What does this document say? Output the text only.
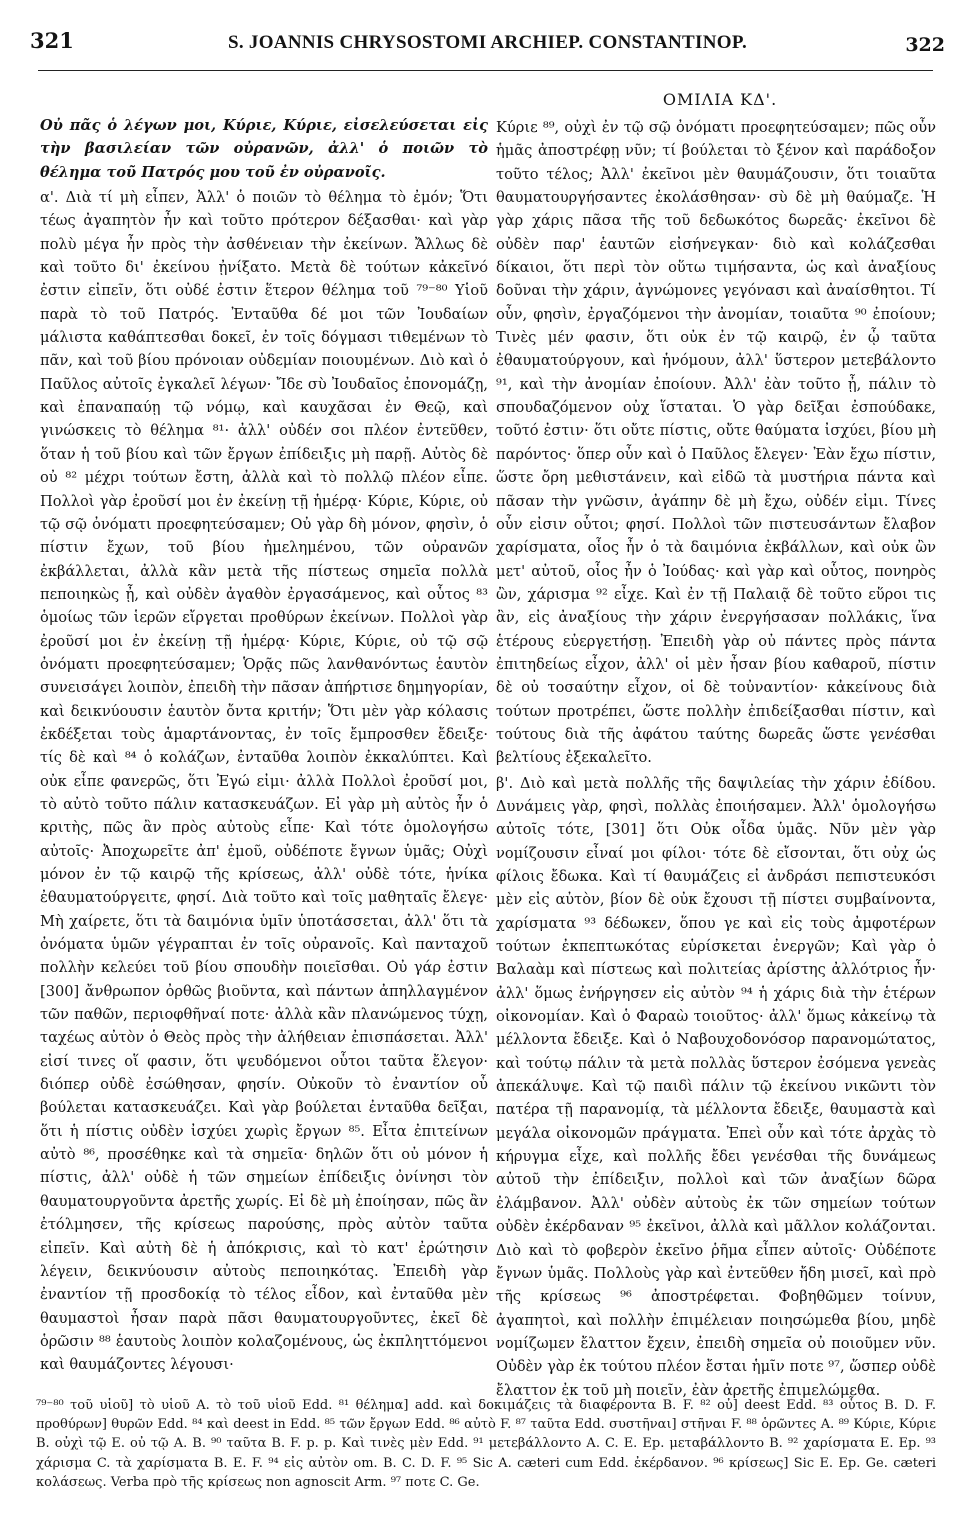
321	S. JOANNIS CHRYSOSTOMI ARCHIEP. CONSTANTINOP.	322
ΟΜΙΛΙΑ ΚΔ'.

Οὐ πᾶς ὁ λέγων μοι, Κύριε, Κύριε, εἰσελεύσεται εἰς τὴν βασιλείαν τῶν οὐρανῶν, ἀλλ' ὁ ποιῶν τὸ θέλημα τοῦ Πατρός μου τοῦ ἐν οὐρανοῖς.

α'. Διὰ τί μὴ εἶπεν, Ἀλλ' ὁ ποιῶν τὸ θέλημα τὸ ἐμόν; Ὅτι τέως ἀγαπητὸν ἦν καὶ τοῦτο πρότερον δέξασθαι· καὶ γὰρ πολὺ μέγα ἦν πρὸς τὴν ἀσθένειαν τὴν ἐκείνων. Ἄλλως δὲ καὶ τοῦτο δι' ἐκείνου ᾐνίξατο. Μετὰ δὲ τούτων κἀκεῖνό ἐστιν εἰπεῖν, ὅτι οὐδέ ἐστιν ἕτερον θέλημα τοῦ ⁷⁹⁻⁸⁰ Υἱοῦ παρὰ τὸ τοῦ Πατρός. Ἐνταῦθα δέ μοι τῶν Ἰουδαίων μάλιστα καθάπτεσθαι δοκεῖ, ἐν τοῖς δόγμασι τιθεμένων τὸ πᾶν, καὶ τοῦ βίου πρόνοιαν οὐδεμίαν ποιουμένων. Διὸ καὶ ὁ Παῦλος αὐτοῖς ἐγκαλεῖ λέγων· Ἴδε σὺ Ἰουδαῖος ἐπονομάζῃ, καὶ ἐπαναπαύῃ τῷ νόμῳ, καὶ καυχᾶσαι ἐν Θεῷ, καὶ γινώσκεις τὸ θέλημα ⁸¹· ἀλλ' οὐδέν σοι πλέον ἐντεῦθεν, ὅταν ἡ τοῦ βίου καὶ τῶν ἔργων ἐπίδειξις μὴ παρῇ. Αὐτὸς δὲ οὐ ⁸² μέχρι τούτων ἔστη, ἀλλὰ καὶ τὸ πολλῷ πλέον εἶπε. Πολλοὶ γὰρ ἐροῦσί μοι ἐν ἐκείνῃ τῇ ἡμέρᾳ· Κύριε, Κύριε, οὐ τῷ σῷ ὀνόματι προεφητεύσαμεν; Οὐ γὰρ δὴ μόνον, φησὶν, ὁ πίστιν ἔχων, τοῦ βίου ἠμελημένου, τῶν οὐρανῶν ἐκβάλλεται, ἀλλὰ κἂν μετὰ τῆς πίστεως σημεῖα πολλὰ πεποιηκὼς ᾖ, καὶ οὐδὲν ἀγαθὸν ἐργασάμενος, καὶ οὗτος ⁸³ ὁμοίως τῶν ἱερῶν εἴργεται προθύρων ἐκείνων. Πολλοὶ γὰρ ἐροῦσί μοι ἐν ἐκείνῃ τῇ ἡμέρᾳ· Κύριε, Κύριε, οὐ τῷ σῷ ὀνόματι προεφητεύσαμεν; Ὁρᾷς πῶς λανθανόντως ἑαυτὸν συνεισάγει λοιπὸν, ἐπειδὴ τὴν πᾶσαν ἀπήρτισε δημηγορίαν, καὶ δεικνύουσιν ἑαυτὸν ὄντα κριτήν; Ὅτι μὲν γὰρ κόλασις ἐκδέξεται τοὺς ἁμαρτάνοντας, ἐν τοῖς ἔμπροσθεν ἔδειξε· τίς δὲ καὶ ⁸⁴ ὁ κολάζων, ἐνταῦθα λοιπὸν ἐκκαλύπτει. Καὶ οὐκ εἶπε φανερῶς, ὅτι Ἐγώ εἰμι· ἀλλὰ Πολλοὶ ἐροῦσί μοι, τὸ αὐτὸ τοῦτο πάλιν κατασκευάζων. Εἰ γὰρ μὴ αὐτὸς ἦν ὁ κριτὴς, πῶς ἂν πρὸς αὐτοὺς εἶπε· Καὶ τότε ὁμολογήσω αὐτοῖς· Ἀποχωρεῖτε ἀπ' ἐμοῦ, οὐδέποτε ἔγνων ὑμᾶς; Οὐχὶ μόνον ἐν τῷ καιρῷ τῆς κρίσεως, ἀλλ' οὐδὲ τότε, ἡνίκα ἐθαυματούργειτε, φησί. Διὰ τοῦτο καὶ τοῖς μαθηταῖς ἔλεγε· Μὴ χαίρετε, ὅτι τὰ δαιμόνια ὑμῖν ὑποτάσσεται, ἀλλ' ὅτι τὰ ὀνόματα ὑμῶν γέγραπται ἐν τοῖς οὐρανοῖς. Καὶ πανταχοῦ πολλὴν κελεύει τοῦ βίου σπουδὴν ποιεῖσθαι. Οὐ γάρ ἐστιν [300] ἄνθρωπον ὀρθῶς βιοῦντα, καὶ πάντων ἀπηλλαγμένον τῶν παθῶν, περιοφθῆναί ποτε· ἀλλὰ κἂν πλανώμενος τύχῃ, ταχέως αὐτὸν ὁ Θεὸς πρὸς τὴν ἀλήθειαν ἐπισπάσεται. Ἀλλ' εἰσί τινες οἵ φασιν, ὅτι ψευδόμενοι οὗτοι ταῦτα ἔλεγον· διόπερ οὐδὲ ἐσώθησαν, φησίν. Οὐκοῦν τὸ ἐναντίον οὗ βούλεται κατασκευάζει. Καὶ γὰρ βούλεται ἐνταῦθα δεῖξαι, ὅτι ἡ πίστις οὐδὲν ἰσχύει χωρὶς ἔργων ⁸⁵. Εἶτα ἐπιτείνων αὐτὸ ⁸⁶, προσέθηκε καὶ τὰ σημεῖα· δηλῶν ὅτι οὐ μόνον ἡ πίστις, ἀλλ' οὐδὲ ἡ τῶν σημείων ἐπίδειξις ὀνίνησι τὸν θαυματουργοῦντα ἀρετῆς χωρίς. Εἰ δὲ μὴ ἐποίησαν, πῶς ἂν ἐτόλμησεν, τῆς κρίσεως παρούσης, πρὸς αὐτὸν ταῦτα εἰπεῖν. Καὶ αὐτὴ δὲ ἡ ἀπόκρισις, καὶ τὸ κατ' ἐρώτησιν λέγειν, δεικνύουσιν αὐτοὺς πεποιηκότας. Ἐπειδὴ γὰρ ἐναντίον τῇ προσδοκίᾳ τὸ τέλος εἶδον, καὶ ἐνταῦθα μὲν θαυμαστοὶ ἦσαν παρὰ πᾶσι θαυματουργοῦντες, ἐκεῖ δὲ ὁρῶσιν ⁸⁸ ἑαυτοὺς λοιπὸν κολαζομένους, ὡς ἐκπληττόμενοι καὶ θαυμάζοντες λέγουσι·

Κύριε ⁸⁹, οὐχὶ ἐν τῷ σῷ ὀνόματι προεφητεύσαμεν; πῶς οὖν ἡμᾶς ἀποστρέφῃ νῦν; τί βούλεται τὸ ξένον καὶ παράδοξον τοῦτο τέλος; Ἀλλ' ἐκεῖνοι μὲν θαυμάζουσιν, ὅτι τοιαῦτα θαυματουργήσαντες ἐκολάσθησαν· σὺ δὲ μὴ θαύμαζε. Ἡ γὰρ χάρις πᾶσα τῆς τοῦ δεδωκότος δωρεᾶς· ἐκεῖνοι δὲ οὐδὲν παρ' ἑαυτῶν εἰσήνεγκαν· διὸ καὶ κολάζεσθαι δίκαιοι, ὅτι περὶ τὸν οὕτω τιμήσαντα, ὡς καὶ ἀναξίους δοῦναι τὴν χάριν, ἀγνώμονες γεγόνασι καὶ ἀναίσθητοι. Τί οὖν, φησὶν, ἐργαζόμενοι τὴν ἀνομίαν, τοιαῦτα ⁹⁰ ἐποίουν; Τινὲς μέν φασιν, ὅτι οὐκ ἐν τῷ καιρῷ, ἐν ᾧ ταῦτα ἐθαυματούργουν, καὶ ἡνόμουν, ἀλλ' ὕστερον μετεβάλοντο ⁹¹, καὶ τὴν ἀνομίαν ἐποίουν. Ἀλλ' ἐὰν τοῦτο ᾖ, πάλιν τὸ σπουδαζόμενον οὐχ ἵσταται. Ὁ γὰρ δεῖξαι ἐσπούδακε, τοῦτό ἐστιν· ὅτι οὔτε πίστις, οὔτε θαύματα ἰσχύει, βίου μὴ παρόντος· ὅπερ οὖν καὶ ὁ Παῦλος ἔλεγεν· Ἐὰν ἔχω πίστιν, ὥστε ὄρη μεθιστάνειν, καὶ εἰδῶ τὰ μυστήρια πάντα καὶ πᾶσαν τὴν γνῶσιν, ἀγάπην δὲ μὴ ἔχω, οὐδέν εἰμι. Τίνες οὖν εἰσιν οὗτοι; φησί. Πολλοὶ τῶν πιστευσάντων ἔλαβον χαρίσματα, οἷος ἦν ὁ τὰ δαιμόνια ἐκβάλλων, καὶ οὐκ ὢν μετ' αὐτοῦ, οἷος ἦν ὁ Ἰούδας· καὶ γὰρ καὶ οὗτος, πονηρὸς ὢν, χάρισμα ⁹² εἶχε. Καὶ ἐν τῇ Παλαιᾷ δὲ τοῦτο εὕροι τις ἂν, εἰς ἀναξίους τὴν χάριν ἐνεργήσασαν πολλάκις, ἵνα ἑτέρους εὐεργετήσῃ. Ἐπειδὴ γὰρ οὐ πάντες πρὸς πάντα ἐπιτηδείως εἶχον, ἀλλ' οἱ μὲν ἦσαν βίου καθαροῦ, πίστιν δὲ οὐ τοσαύτην εἶχον, οἱ δὲ τοὐναντίον· κἀκείνους διὰ τούτων προτρέπει, ὥστε πολλὴν ἐπιδείξασθαι πίστιν, καὶ τούτους διὰ τῆς ἀφάτου ταύτης δωρεᾶς ὥστε γενέσθαι βελτίους ἐξεκαλεῖτο.

β'. Διὸ καὶ μετὰ πολλῆς τῆς δαψιλείας τὴν χάριν ἐδίδου. Δυνάμεις γὰρ, φησὶ, πολλὰς ἐποιήσαμεν. Ἀλλ' ὁμολογήσω αὐτοῖς τότε, [301] ὅτι Οὐκ οἶδα ὑμᾶς. Νῦν μὲν γὰρ νομίζουσιν εἶναί μοι φίλοι· τότε δὲ εἴσονται, ὅτι οὐχ ὡς φίλοις ἔδωκα. Καὶ τί θαυμάζεις εἰ ἀνδράσι πεπιστευκόσι μὲν εἰς αὐτὸν, βίον δὲ οὐκ ἔχουσι τῇ πίστει συμβαίνοντα, χαρίσματα ⁹³ δέδωκεν, ὅπου γε καὶ εἰς τοὺς ἀμφοτέρων τούτων ἐκπεπτωκότας εὑρίσκεται ἐνεργῶν; Καὶ γὰρ ὁ Βαλαὰμ καὶ πίστεως καὶ πολιτείας ἀρίστης ἀλλότριος ἦν· ἀλλ' ὅμως ἐνήργησεν εἰς αὐτὸν ⁹⁴ ἡ χάρις διὰ τὴν ἑτέρων οἰκονομίαν. Καὶ ὁ Φαραὼ τοιοῦτος· ἀλλ' ὅμως κἀκείνῳ τὰ μέλλοντα ἔδειξε. Καὶ ὁ Ναβουχοδονόσορ παρανομώτατος, καὶ τούτῳ πάλιν τὰ μετὰ πολλὰς ὕστερον ἐσόμενα γενεὰς ἀπεκάλυψε. Καὶ τῷ παιδὶ πάλιν τῷ ἐκείνου νικῶντι τὸν πατέρα τῇ παρανομίᾳ, τὰ μέλλοντα ἔδειξε, θαυμαστὰ καὶ μεγάλα οἰκονομῶν πράγματα. Ἐπεὶ οὖν καὶ τότε ἀρχὰς τὸ κήρυγμα εἶχε, καὶ πολλῆς ἔδει γενέσθαι τῆς δυνάμεως αὐτοῦ τὴν ἐπίδειξιν, πολλοὶ καὶ τῶν ἀναξίων δῶρα ἐλάμβανον. Ἀλλ' οὐδὲν αὐτοὺς ἐκ τῶν σημείων τούτων οὐδὲν ἐκέρδαναν ⁹⁵ ἐκεῖνοι, ἀλλὰ καὶ μᾶλλον κολάζονται. Διὸ καὶ τὸ φοβερὸν ἐκεῖνο ῥῆμα εἶπεν αὐτοῖς· Οὐδέποτε ἔγνων ὑμᾶς. Πολλοὺς γὰρ καὶ ἐντεῦθεν ἤδη μισεῖ, καὶ πρὸ τῆς κρίσεως ⁹⁶ ἀποστρέφεται. Φοβηθῶμεν τοίνυν, ἀγαπητοὶ, καὶ πολλὴν ἐπιμέλειαν ποιησώμεθα βίου, μηδὲ νομίζωμεν ἔλαττον ἔχειν, ἐπειδὴ σημεῖα οὐ ποιοῦμεν νῦν. Οὐδὲν γὰρ ἐκ τούτου πλέον ἔσται ἡμῖν ποτε ⁹⁷, ὥσπερ οὐδὲ ἔλαττον ἐκ τοῦ μὴ ποιεῖν, ἐὰν ἀρετῆς ἐπιμελώμεθα.

⁷⁹⁻⁸⁰ τοῦ υἱοῦ] τὸ υἱοῦ A. τὸ τοῦ υἱοῦ Edd. ⁸¹ θέλημα] add. καὶ δοκιμάζεις τὰ διαφέροντα B. F. ⁸² οὐ] deest Edd. ⁸³ οὗτος B. D. F. προθύρων] θυρῶν Edd. ⁸⁴ καὶ deest in Edd. ⁸⁵ τῶν ἔργων Edd. ⁸⁶ αὐτὸ F. ⁸⁷ ταῦτα Edd. συστῆναι] στῆναι F. ⁸⁸ ὁρῶντες A. ⁸⁹ Κύριε, Κύριε B. οὐχὶ τῷ E. οὐ τῷ A. B. ⁹⁰ ταῦτα B. F. p. p. Καὶ τινὲς μὲν Edd. ⁹¹ μετεβάλλοντο A. C. E. Ep. μεταβάλλοντο B. ⁹² χαρίσματα E. Ep. ⁹³ χάρισμα C. τὰ χαρίσματα B. E. F. ⁹⁴ εἰς αὐτὸν om. B. C. D. F. ⁹⁵ Sic A. cæteri cum Edd. ἐκέρδανον. ⁹⁶ κρίσεως] Sic E. Ep. Ge. cæteri κολάσεως. Verba πρὸ τῆς κρίσεως non agnoscit Arm. ⁹⁷ ποτε C. Ge.
